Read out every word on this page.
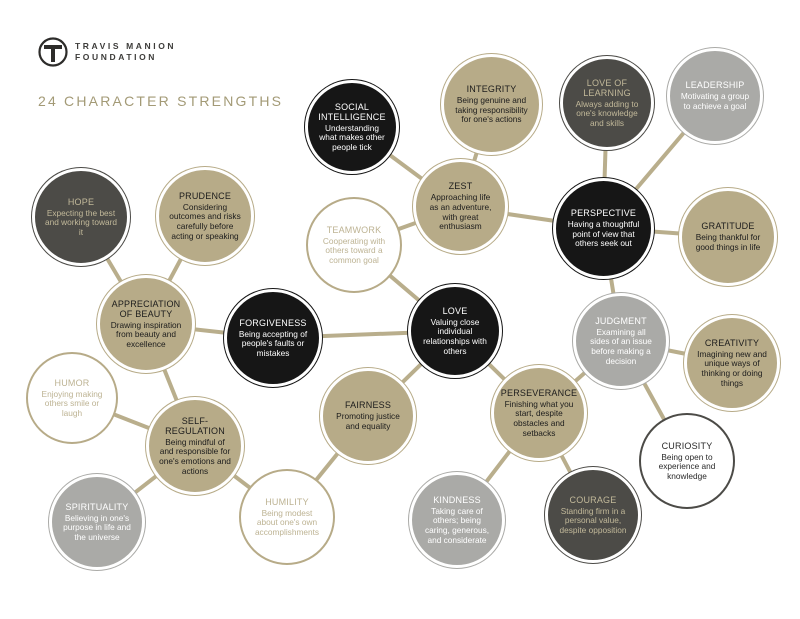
TRAVIS MANION
FOUNDATION
24 CHARACTER STRENGTHS	SOCIAL INTELLIGENCE
Understanding what makes other people tick
INTEGRITY
Being genuine and taking responsibility for one's actions
LOVE OF LEARNING
Always adding to one's knowledge and skills
LEADERSHIP
Motivating a group to achieve a goal
HOPE
Expecting the best and working toward it
PRUDENCE
Considering outcomes and risks carefully before acting or speaking
ZEST
Approaching life as an adventure, with great enthusiasm
TEAMWORK
Cooperating with others toward a common goal
PERSPECTIVE
Having a thoughtful point of view that others seek out
GRATITUDE
Being thankful for good things in life
APPRECIATION OF BEAUTY
Drawing inspiration from beauty and excellence
FORGIVENESS
Being accepting of people's faults or mistakes
LOVE
Valuing close individual relationships with others
JUDGMENT
Examining all sides of an issue before making a decision
CREATIVITY
Imagining new and unique ways of thinking or doing things
HUMOR
Enjoying making others smile or laugh
SELF-REGULATION
Being mindful of and responsible for one's emotions and actions
FAIRNESS
Promoting justice and equality
PERSEVERANCE
Finishing what you start, despite obstacles and setbacks
CURIOSITY
Being open to experience and knowledge
SPIRITUALITY
Believing in one's purpose in life and the universe
HUMILITY
Being modest about one's own accomplishments
KINDNESS
Taking care of others; being caring, generous, and considerate
COURAGE
Standing firm in a personal value, despite opposition
